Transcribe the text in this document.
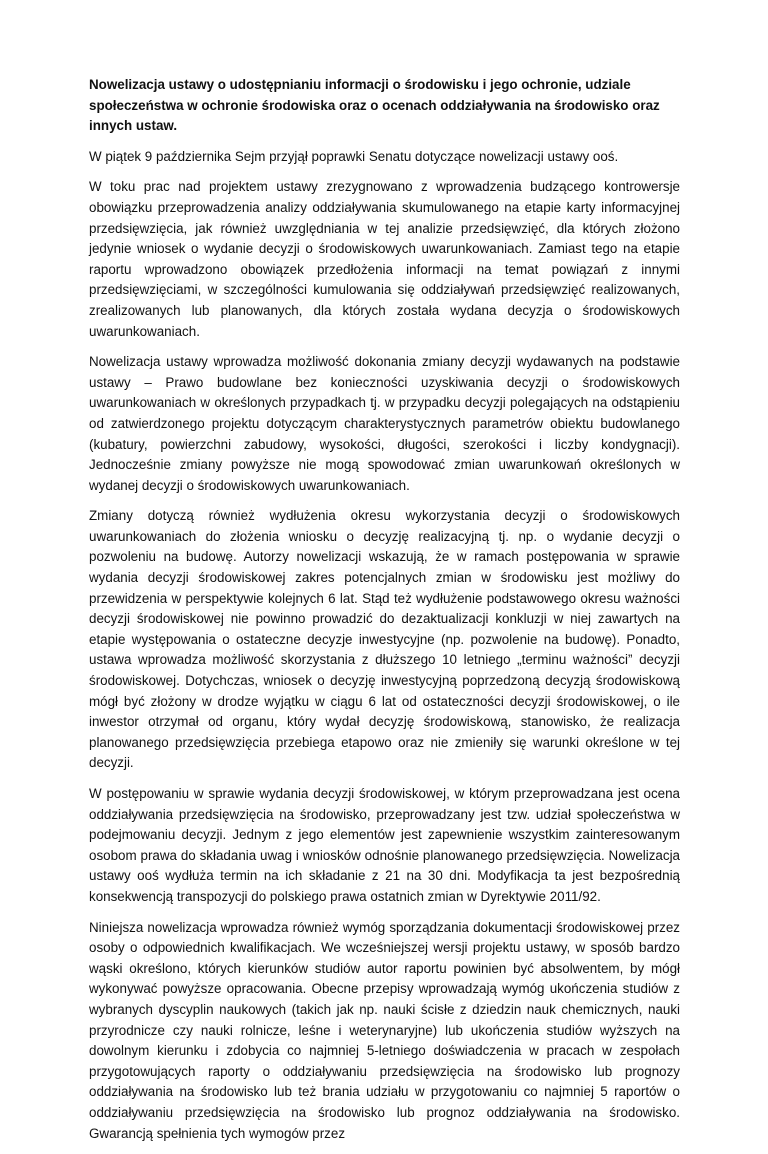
Nowelizacja ustawy o udostępnianiu informacji o środowisku i jego ochronie, udziale społeczeństwa w ochronie środowiska oraz o ocenach oddziaływania na środowisko oraz innych ustaw.

W piątek 9 października Sejm przyjął poprawki Senatu dotyczące nowelizacji ustawy ooś.

W toku prac nad projektem ustawy zrezygnowano z wprowadzenia budzącego kontrowersje obowiązku przeprowadzenia analizy oddziaływania skumulowanego na etapie karty informacyjnej przedsięwzięcia, jak również uwzględniania w tej analizie przedsięwzięć, dla których złożono jedynie wniosek o wydanie decyzji o środowiskowych uwarunkowaniach. Zamiast tego na etapie raportu wprowadzono obowiązek przedłożenia informacji na temat powiązań z innymi przedsięwzięciami, w szczególności kumulowania się oddziaływań przedsięwzięć realizowanych, zrealizowanych lub planowanych, dla których została wydana decyzja o środowiskowych uwarunkowaniach.

Nowelizacja ustawy wprowadza możliwość dokonania zmiany decyzji wydawanych na podstawie ustawy – Prawo budowlane bez konieczności uzyskiwania decyzji o środowiskowych uwarunkowaniach w określonych przypadkach tj. w przypadku decyzji polegających na odstąpieniu od zatwierdzonego projektu dotyczącym charakterystycznych parametrów obiektu budowlanego (kubatury, powierzchni zabudowy, wysokości, długości, szerokości i liczby kondygnacji). Jednocześnie zmiany powyższe nie mogą spowodować zmian uwarunkowań określonych w wydanej decyzji o środowiskowych uwarunkowaniach.

Zmiany dotyczą również wydłużenia okresu wykorzystania decyzji o środowiskowych uwarunkowaniach do złożenia wniosku o decyzję realizacyjną tj. np. o wydanie decyzji o pozwoleniu na budowę. Autorzy nowelizacji wskazują, że w ramach postępowania w sprawie wydania decyzji środowiskowej zakres potencjalnych zmian w środowisku jest możliwy do przewidzenia w perspektywie kolejnych 6 lat. Stąd też wydłużenie podstawowego okresu ważności decyzji środowiskowej nie powinno prowadzić do dezaktualizacji konkluzji w niej zawartych na etapie występowania o ostateczne decyzje inwestycyjne (np. pozwolenie na budowę). Ponadto, ustawa wprowadza możliwość skorzystania z dłuższego 10 letniego „terminu ważności” decyzji środowiskowej. Dotychczas, wniosek o decyzję inwestycyjną poprzedzoną decyzją środowiskową mógł być złożony w drodze wyjątku w ciągu 6 lat od ostateczności decyzji środowiskowej, o ile inwestor otrzymał od organu, który wydał decyzję środowiskową, stanowisko, że realizacja planowanego przedsięwzięcia przebiega etapowo oraz nie zmieniły się warunki określone w tej decyzji.

W postępowaniu w sprawie wydania decyzji środowiskowej, w którym przeprowadzana jest ocena oddziaływania przedsięwzięcia na środowisko, przeprowadzany jest tzw. udział społeczeństwa w podejmowaniu decyzji. Jednym z jego elementów jest zapewnienie wszystkim zainteresowanym osobom prawa do składania uwag i wniosków odnośnie planowanego przedsięwzięcia. Nowelizacja ustawy ooś wydłuża termin na ich składanie z 21 na 30 dni. Modyfikacja ta jest bezpośrednią konsekwencją transpozycji do polskiego prawa ostatnich zmian w Dyrektywie 2011/92.

Niniejsza nowelizacja wprowadza również wymóg sporządzania dokumentacji środowiskowej przez osoby o odpowiednich kwalifikacjach. We wcześniejszej wersji projektu ustawy, w sposób bardzo wąski określono, których kierunków studiów autor raportu powinien być absolwentem, by mógł wykonywać powyższe opracowania. Obecne przepisy wprowadzają wymóg ukończenia studiów z wybranych dyscyplin naukowych (takich jak np. nauki ścisłe z dziedzin nauk chemicznych, nauki przyrodnicze czy nauki rolnicze, leśne i weterynaryjne) lub ukończenia studiów wyższych na dowolnym kierunku i zdobycia co najmniej 5-letniego doświadczenia w pracach w zespołach przygotowujących raporty o oddziaływaniu przedsięwzięcia na środowisko lub prognozy oddziaływania na środowisko lub też brania udziału w przygotowaniu co najmniej 5 raportów o oddziaływaniu przedsięwzięcia na środowisko lub prognoz oddziaływania na środowisko. Gwarancją spełnienia tych wymogów przez
